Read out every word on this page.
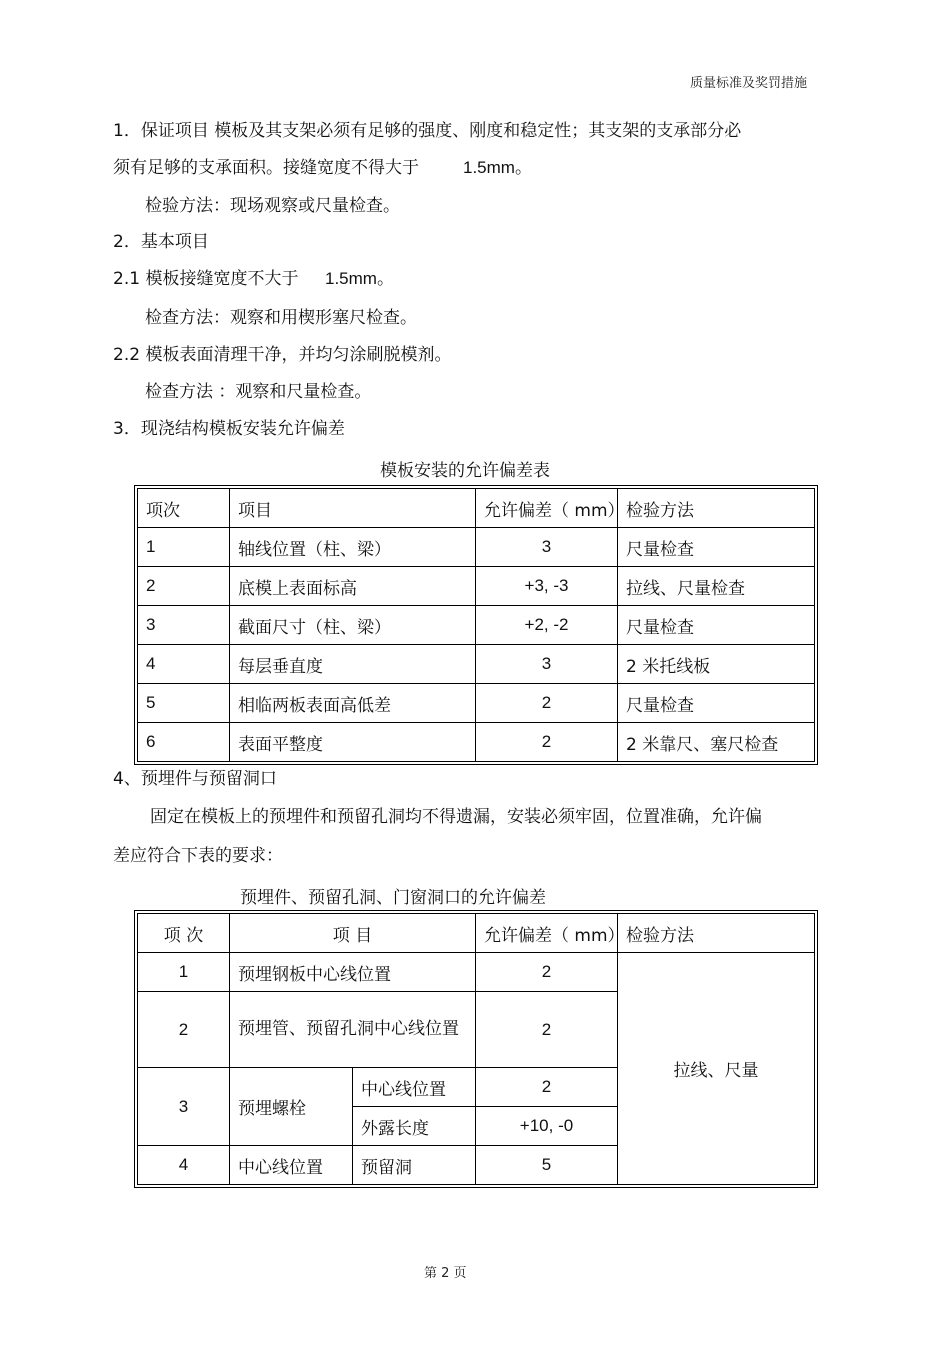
质量标准及奖罚措施
1．保证项目 模板及其支架必须有足够的强度、刚度和稳定性；其支架的支承部分必
须有足够的支承面积。接缝宽度不得大于	1.5mm。
检验方法：现场观察或尺量检查。
2．基本项目
2.1 模板接缝宽度不大于 1.5mm。
检查方法：观察和用楔形塞尺检查。
2.2 模板表面清理干净，并均匀涂刷脱模剂。
检查方法 ：观察和尺量检查。
3．现浇结构模板安装允许偏差
模板安装的允许偏差表
项次	项目	允许偏差（ mm）	检验方法
1	轴线位置（柱、梁）	3	尺量检查
2	底模上表面标高	+3, -3	拉线、尺量检查
3	截面尺寸（柱、梁）	+2, -2	尺量检查
4	每层垂直度	3	2 米托线板
5	相临两板表面高低差	2	尺量检查
6	表面平整度	2	2 米靠尺、塞尺检查
4、预埋件与预留洞口
固定在模板上的预埋件和预留孔洞均不得遗漏，安装必须牢固，位置准确，允许偏
差应符合下表的要求：
预埋件、预留孔洞、门窗洞口的允许偏差
项 次	项 目		允许偏差（ mm）	检验方法
1	预埋钢板中心线位置		2	拉线、尺量
2	预埋管、预留孔洞中心线位置		2	
3	预埋螺栓	中心线位置	2	
		外露长度	+10, -0	
4	中心线位置	预留洞	5	
第 2 页
